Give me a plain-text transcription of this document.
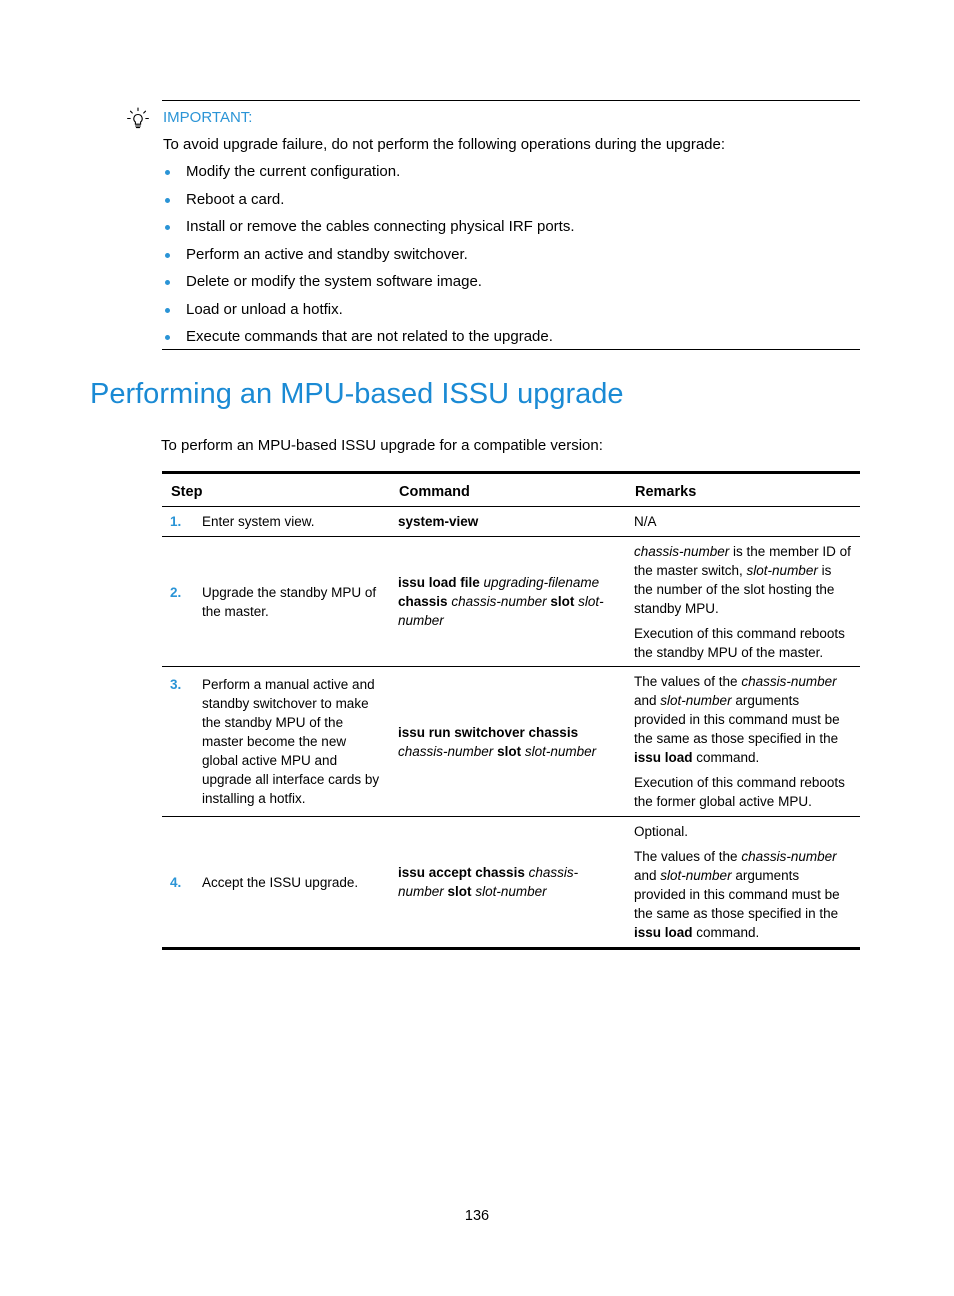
IMPORTANT:
To avoid upgrade failure, do not perform the following operations during the upgrade:
Modify the current configuration.
Reboot a card.
Install or remove the cables connecting physical IRF ports.
Perform an active and standby switchover.
Delete or modify the system software image.
Load or unload a hotfix.
Execute commands that are not related to the upgrade.
Performing an MPU-based ISSU upgrade

To perform an MPU-based ISSU upgrade for a compatible version:

Step	Command	Remarks
1. Enter system view.	system-view	N/A

2. Upgrade the standby MPU of the master.	issu load file upgrading-filename chassis chassis-number slot slot-number	chassis-number is the member ID of the master switch, slot-number is the number of the slot hosting the standby MPU.

Execution of this command reboots the standby MPU of the master.

3. Perform a manual active and standby switchover to make the standby MPU of the master become the new global active MPU and upgrade all interface cards by installing a hotfix.	issu run switchover chassis chassis-number slot slot-number	The values of the chassis-number and slot-number arguments provided in this command must be the same as those specified in the issu load command.

Execution of this command reboots the former global active MPU.

4. Accept the ISSU upgrade.	issu accept chassis chassis-number slot slot-number	Optional.

The values of the chassis-number and slot-number arguments provided in this command must be the same as those specified in the issu load command.

136
